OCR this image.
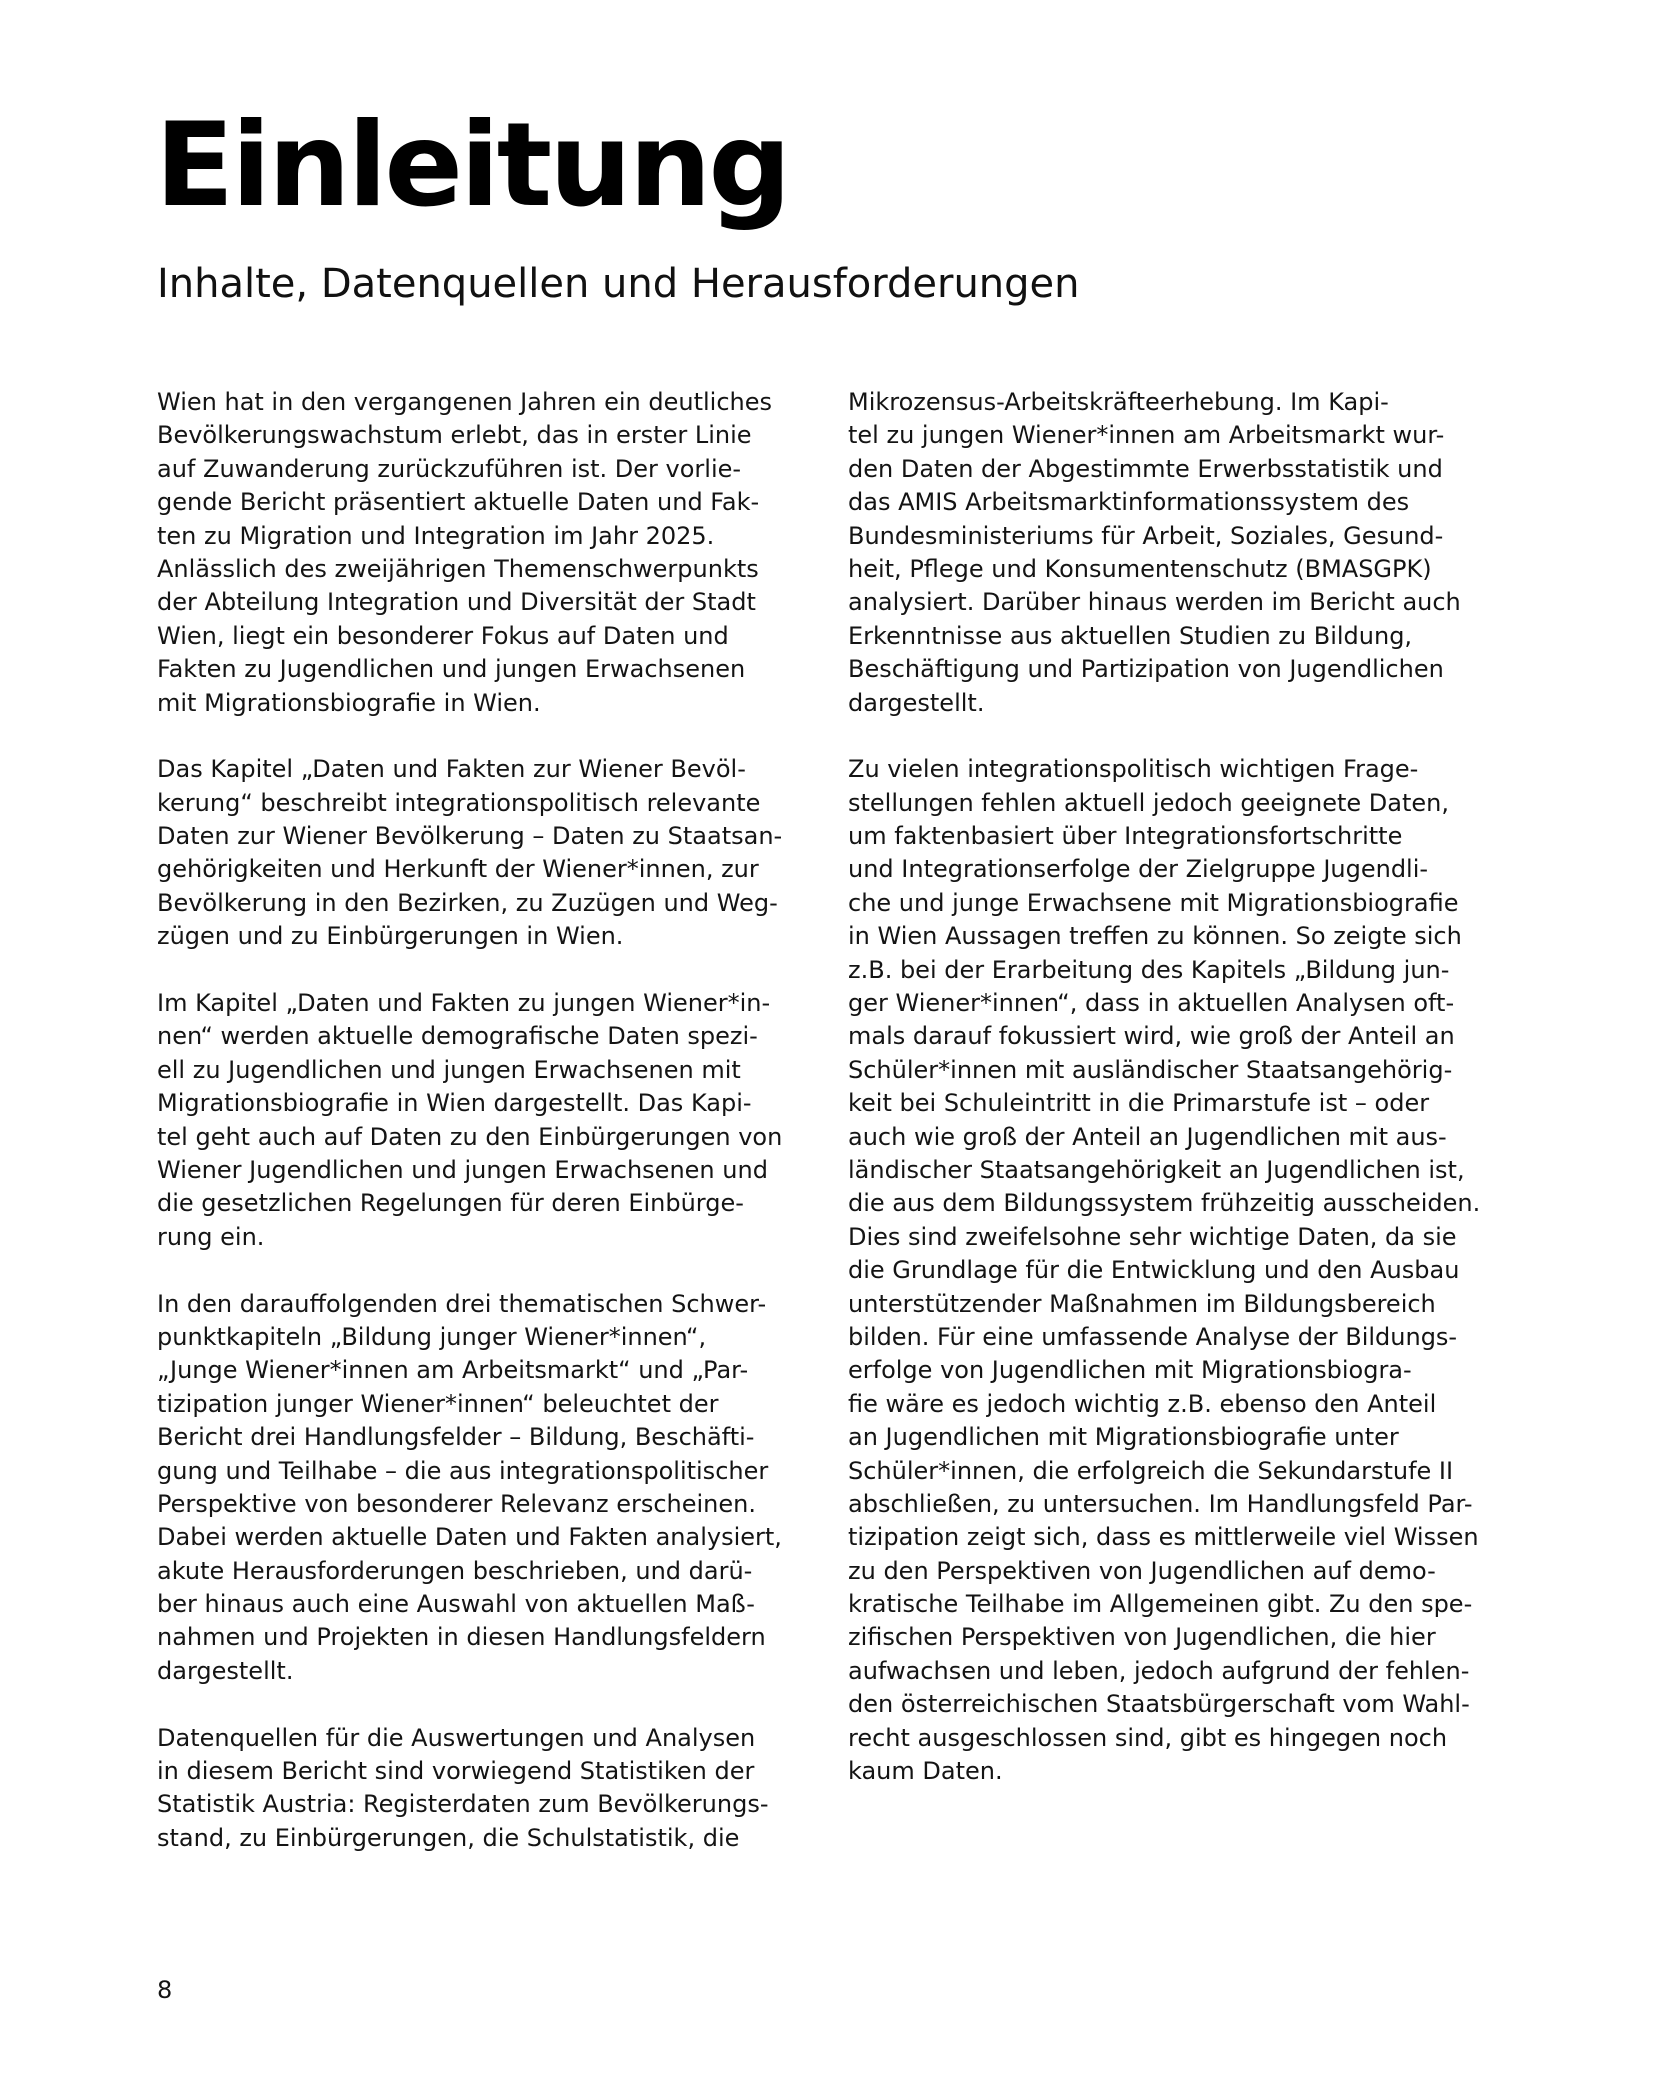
Einleitung
Inhalte, Datenquellen und Herausforderungen
Wien hat in den vergangenen Jahren ein deutliches
Bevölkerungswachstum erlebt, das in erster Linie
auf Zuwanderung zurückzuführen ist. Der vorlie-
gende Bericht präsentiert aktuelle Daten und Fak-
ten zu Migration und Integration im Jahr 2025.
Anlässlich des zweijährigen Themenschwerpunkts
der Abteilung Integration und Diversität der Stadt
Wien, liegt ein besonderer Fokus auf Daten und
Fakten zu Jugendlichen und jungen Erwachsenen
mit Migrationsbiografie in Wien.
Das Kapitel „Daten und Fakten zur Wiener Bevöl-
kerung“ beschreibt integrationspolitisch relevante
Daten zur Wiener Bevölkerung – Daten zu Staatsan-
gehörigkeiten und Herkunft der Wiener*innen, zur
Bevölkerung in den Bezirken, zu Zuzügen und Weg-
zügen und zu Einbürgerungen in Wien.
Im Kapitel „Daten und Fakten zu jungen Wiener*in-
nen“ werden aktuelle demografische Daten spezi-
ell zu Jugendlichen und jungen Erwachsenen mit
Migrationsbiografie in Wien dargestellt. Das Kapi-
tel geht auch auf Daten zu den Einbürgerungen von
Wiener Jugendlichen und jungen Erwachsenen und
die gesetzlichen Regelungen für deren Einbürge-
rung ein.
In den darauffolgenden drei thematischen Schwer-
punktkapiteln „Bildung junger Wiener*innen“,
„Junge Wiener*innen am Arbeitsmarkt“ und „Par-
tizipation junger Wiener*innen“ beleuchtet der
Bericht drei Handlungsfelder – Bildung, Beschäfti-
gung und Teilhabe – die aus integrationspolitischer
Perspektive von besonderer Relevanz erscheinen.
Dabei werden aktuelle Daten und Fakten analysiert,
akute Herausforderungen beschrieben, und darü-
ber hinaus auch eine Auswahl von aktuellen Maß-
nahmen und Projekten in diesen Handlungsfeldern
dargestellt.
Datenquellen für die Auswertungen und Analysen
in diesem Bericht sind vorwiegend Statistiken der
Statistik Austria: Registerdaten zum Bevölkerungs-
stand, zu Einbürgerungen, die Schulstatistik, die
Mikrozensus-Arbeitskräfteerhebung. Im Kapi-
tel zu jungen Wiener*innen am Arbeitsmarkt wur-
den Daten der Abgestimmte Erwerbsstatistik und
das AMIS Arbeitsmarktinformationssystem des
Bundesministeriums für Arbeit, Soziales, Gesund-
heit, Pflege und Konsumentenschutz (BMASGPK)
analysiert. Darüber hinaus werden im Bericht auch
Erkenntnisse aus aktuellen Studien zu Bildung,
Beschäftigung und Partizipation von Jugendlichen
dargestellt.
Zu vielen integrationspolitisch wichtigen Frage-
stellungen fehlen aktuell jedoch geeignete Daten,
um faktenbasiert über Integrationsfortschritte
und Integrationserfolge der Zielgruppe Jugendli-
che und junge Erwachsene mit Migrationsbiografie
in Wien Aussagen treffen zu können. So zeigte sich
z.B. bei der Erarbeitung des Kapitels „Bildung jun-
ger Wiener*innen“, dass in aktuellen Analysen oft-
mals darauf fokussiert wird, wie groß der Anteil an
Schüler*innen mit ausländischer Staatsangehörig-
keit bei Schuleintritt in die Primarstufe ist – oder
auch wie groß der Anteil an Jugendlichen mit aus-
ländischer Staatsangehörigkeit an Jugendlichen ist,
die aus dem Bildungssystem frühzeitig ausscheiden.
Dies sind zweifelsohne sehr wichtige Daten, da sie
die Grundlage für die Entwicklung und den Ausbau
unterstützender Maßnahmen im Bildungsbereich
bilden. Für eine umfassende Analyse der Bildungs-
erfolge von Jugendlichen mit Migrationsbiogra-
fie wäre es jedoch wichtig z.B. ebenso den Anteil
an Jugendlichen mit Migrationsbiografie unter
Schüler*innen, die erfolgreich die Sekundarstufe II
abschließen, zu untersuchen. Im Handlungsfeld Par-
tizipation zeigt sich, dass es mittlerweile viel Wissen
zu den Perspektiven von Jugendlichen auf demo-
kratische Teilhabe im Allgemeinen gibt. Zu den spe-
zifischen Perspektiven von Jugendlichen, die hier
aufwachsen und leben, jedoch aufgrund der fehlen-
den österreichischen Staatsbürgerschaft vom Wahl-
recht ausgeschlossen sind, gibt es hingegen noch
kaum Daten.
8
